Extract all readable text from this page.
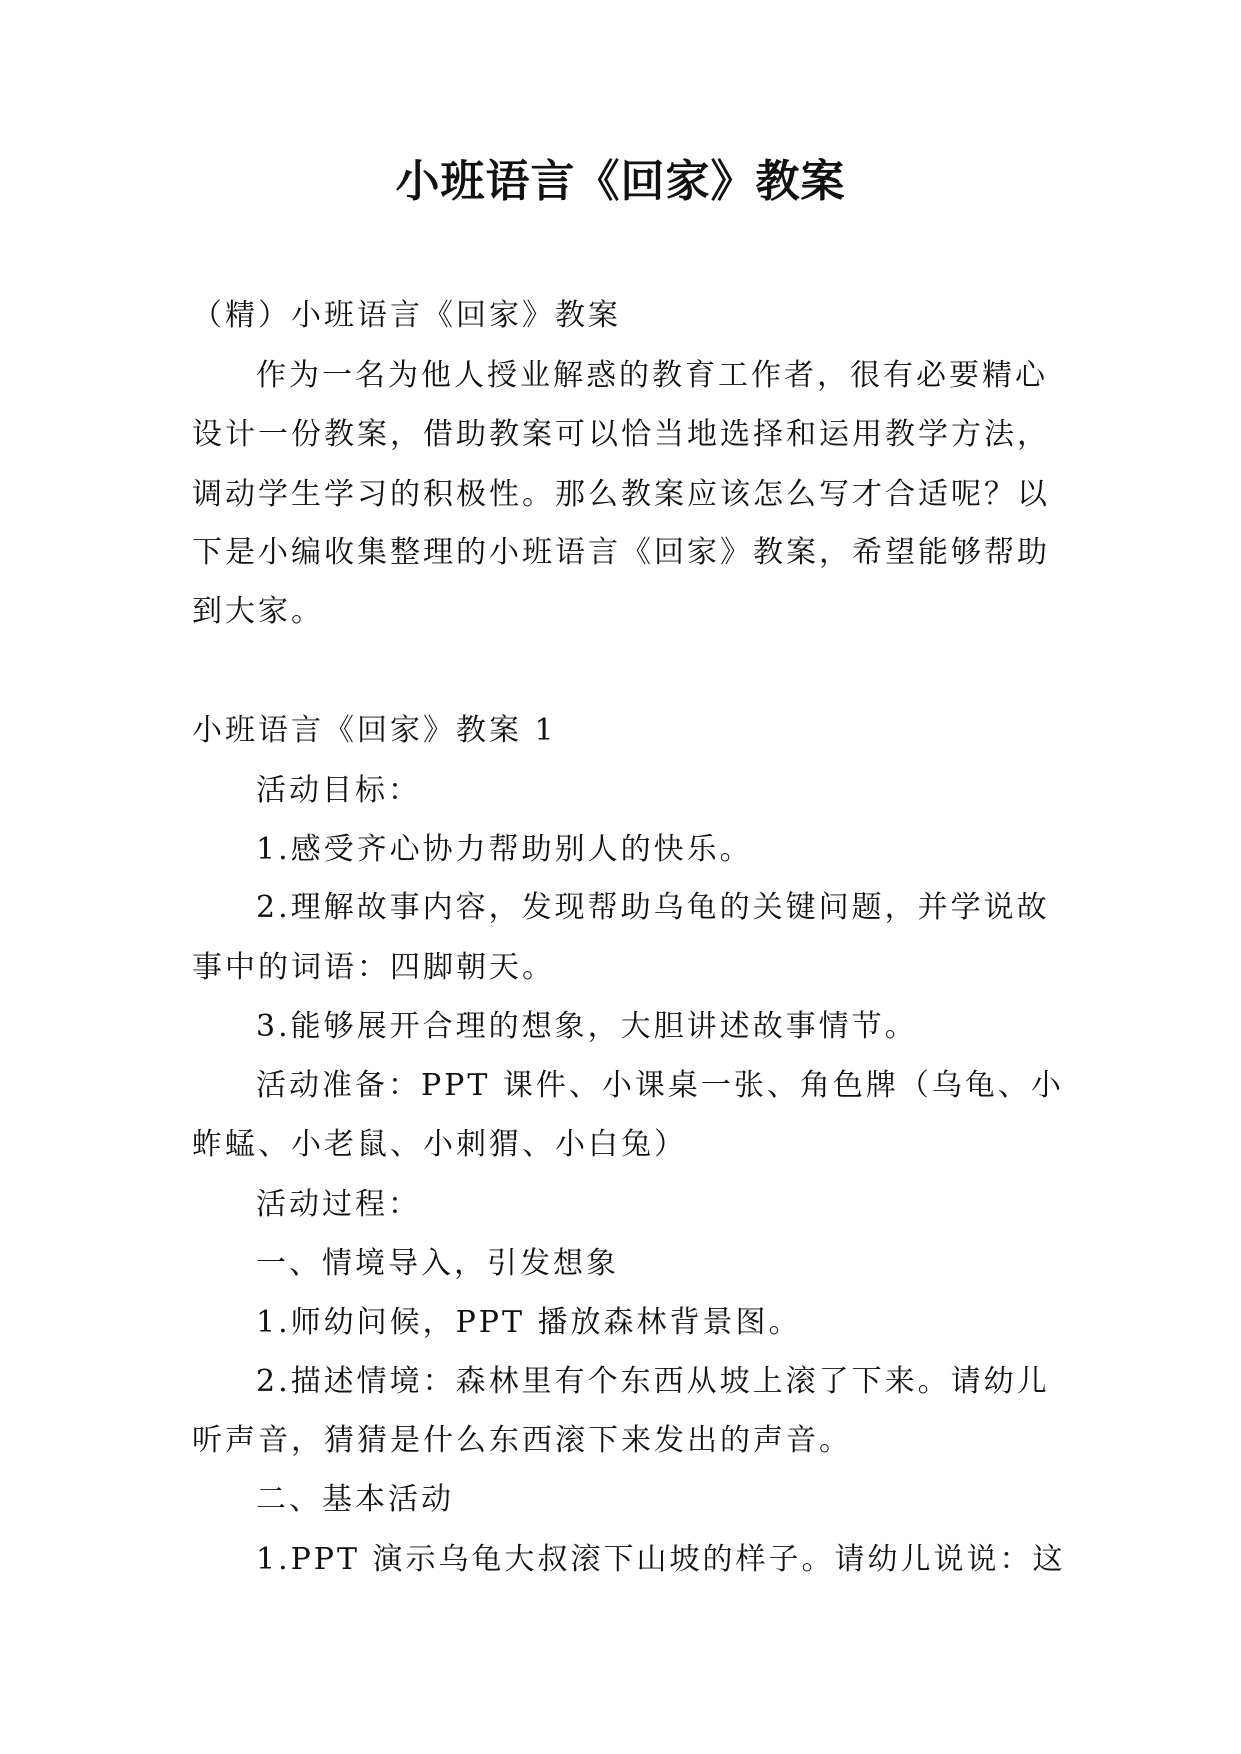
小班语言《回家》教案
（精）小班语言《回家》教案
作为一名为他人授业解惑的教育工作者，很有必要精心
设计一份教案，借助教案可以恰当地选择和运用教学方法，
调动学生学习的积极性。那么教案应该怎么写才合适呢？以
下是小编收集整理的小班语言《回家》教案，希望能够帮助
到大家。
小班语言《回家》教案 1
活动目标：
1.感受齐心协力帮助别人的快乐。
2.理解故事内容，发现帮助乌龟的关键问题，并学说故
事中的词语：四脚朝天。
3.能够展开合理的想象，大胆讲述故事情节。
活动准备：PPT 课件、小课桌一张、角色牌（乌龟、小
蚱蜢、小老鼠、小刺猬、小白兔）
活动过程：
一、情境导入，引发想象
1.师幼问候，PPT 播放森林背景图。
2.描述情境：森林里有个东西从坡上滚了下来。请幼儿
听声音，猜猜是什么东西滚下来发出的声音。
二、基本活动
1.PPT 演示乌龟大叔滚下山坡的样子。请幼儿说说：这
